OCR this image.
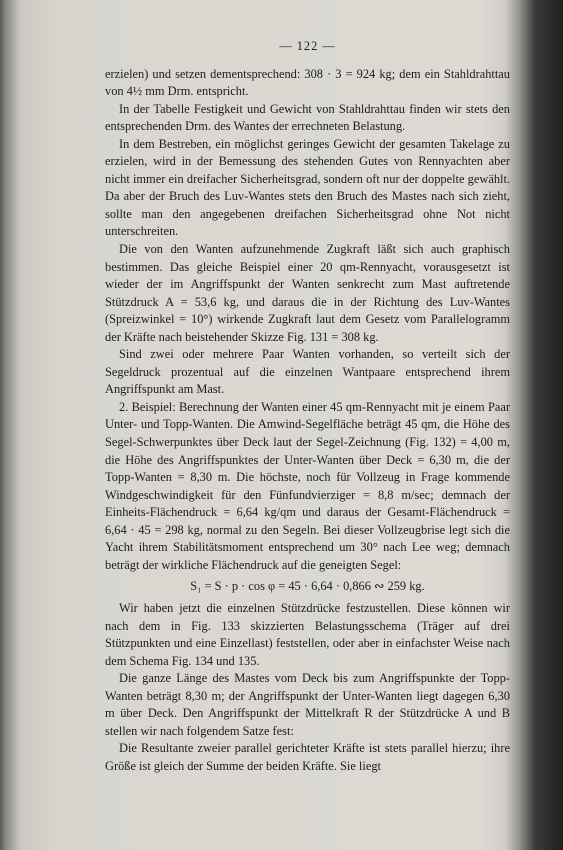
— 122 —

erzielen) und setzen dementsprechend: 308 · 3 = 924 kg; dem ein Stahldrahttau von 4½ mm Drm. entspricht.

In der Tabelle Festigkeit und Gewicht von Stahldrahttau finden wir stets den entsprechenden Drm. des Wantes der errechneten Belastung.

In dem Bestreben, ein möglichst geringes Gewicht der gesamten Takelage zu erzielen, wird in der Bemessung des stehenden Gutes von Rennyachten aber nicht immer ein dreifacher Sicherheitsgrad, sondern oft nur der doppelte gewählt. Da aber der Bruch des Luv-Wantes stets den Bruch des Mastes nach sich zieht, sollte man den angegebenen dreifachen Sicherheitsgrad ohne Not nicht unterschreiten.

Die von den Wanten aufzunehmende Zugkraft läßt sich auch graphisch bestimmen. Das gleiche Beispiel einer 20 qm-Rennyacht, vorausgesetzt ist wieder der im Angriffspunkt der Wanten senkrecht zum Mast auftretende Stützdruck A = 53,6 kg, und daraus die in der Richtung des Luv-Wantes (Spreizwinkel = 10°) wirkende Zugkraft laut dem Gesetz vom Parallelogramm der Kräfte nach beistehender Skizze Fig. 131 = 308 kg.

Sind zwei oder mehrere Paar Wanten vorhanden, so verteilt sich der Segeldruck prozentual auf die einzelnen Wantpaare entsprechend ihrem Angriffspunkt am Mast.

2. Beispiel: Berechnung der Wanten einer 45 qm-Rennyacht mit je einem Paar Unter- und Topp-Wanten. Die Amwind-Segelfläche beträgt 45 qm, die Höhe des Segel-Schwerpunktes über Deck laut der Segel-Zeichnung (Fig. 132) = 4,00 m, die Höhe des Angriffspunktes der Unter-Wanten über Deck = 6,30 m, die der Topp-Wanten = 8,30 m. Die höchste, noch für Vollzeug in Frage kommende Windgeschwindigkeit für den Fünfundvierziger = 8,8 m/sec; demnach der Einheits-Flächendruck = 6,64 kg/qm und daraus der Gesamt-Flächendruck = 6,64 · 45 = 298 kg, normal zu den Segeln. Bei dieser Vollzeugbrise legt sich die Yacht ihrem Stabilitätsmoment entsprechend um 30° nach Lee weg; demnach beträgt der wirkliche Flächendruck auf die geneigten Segel:

S₁ = S · p · cos φ = 45 · 6,64 · 0,866 ∾ 259 kg.

Wir haben jetzt die einzelnen Stützdrücke festzustellen. Diese können wir nach dem in Fig. 133 skizzierten Belastungsschema (Träger auf drei Stützpunkten und eine Einzellast) feststellen, oder aber in einfachster Weise nach dem Schema Fig. 134 und 135.

Die ganze Länge des Mastes vom Deck bis zum Angriffspunkte der Topp-Wanten beträgt 8,30 m; der Angriffspunkt der Unter-Wanten liegt dagegen 6,30 m über Deck. Den Angriffspunkt der Mittelkraft R der Stützdrücke A und B stellen wir nach folgendem Satze fest:

Die Resultante zweier parallel gerichteter Kräfte ist stets parallel hierzu; ihre Größe ist gleich der Summe der beiden Kräfte. Sie liegt
